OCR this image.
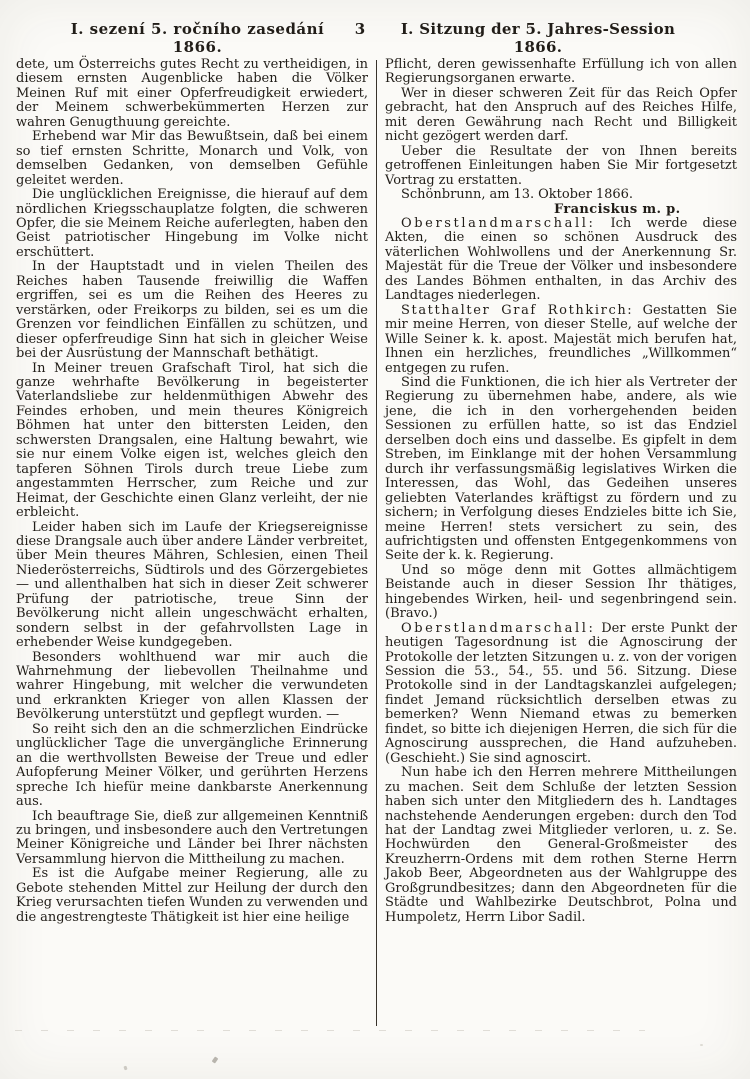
I. sezení 5. ročního zasedání 1866.
3	I. Sitzung der 5. Jahres-Session 1866.

dete, um Österreichs gutes Recht zu vertheidigen, in diesem ernsten Augenblicke haben die Völker Meinen Ruf mit einer Opferfreudigkeit erwiedert, der Meinem schwerbekümmerten Herzen zur wahren Genugthuung gereichte.

Erhebend war Mir das Bewußtsein, daß bei einem so tief ernsten Schritte, Monarch und Volk, von demselben Gedanken, von demselben Gefühle geleitet werden.

Die unglücklichen Ereignisse, die hierauf auf dem nördlichen Kriegsschauplatze folgten, die schweren Opfer, die sie Meinem Reiche auferlegten, haben den Geist patriotischer Hingebung im Volke nicht erschüttert.

In der Hauptstadt und in vielen Theilen des Reiches haben Tausende freiwillig die Waffen ergriffen, sei es um die Reihen des Heeres zu verstärken, oder Freikorps zu bilden, sei es um die Grenzen vor feindlichen Einfällen zu schützen, und dieser opferfreudige Sinn hat sich in gleicher Weise bei der Ausrüstung der Mannschaft bethätigt.

In Meiner treuen Grafschaft Tirol, hat sich die ganze wehrhafte Bevölkerung in begeisterter Vaterlandsliebe zur heldenmüthigen Abwehr des Feindes erhoben, und mein theures Königreich Böhmen hat unter den bittersten Leiden, den schwersten Drangsalen, eine Haltung bewahrt, wie sie nur einem Volke eigen ist, welches gleich den tapferen Söhnen Tirols durch treue Liebe zum angestammten Herrscher, zum Reiche und zur Heimat, der Geschichte einen Glanz verleiht, der nie erbleicht.

Leider haben sich im Laufe der Kriegsereignisse diese Drangsale auch über andere Länder verbreitet, über Mein theures Mähren, Schlesien, einen Theil Niederösterreichs, Südtirols und des Görzergebietes — und allenthalben hat sich in dieser Zeit schwerer Prüfung der patriotische, treue Sinn der Bevölkerung nicht allein ungeschwächt erhalten, sondern selbst in der gefahrvollsten Lage in erhebender Weise kundgegeben.

Besonders wohlthuend war mir auch die Wahrnehmung der liebevollen Theilnahme und wahrer Hingebung, mit welcher die verwundeten und erkrankten Krieger von allen Klassen der Bevölkerung unterstützt und gepflegt wurden. —

So reiht sich den an die schmerzlichen Eindrücke unglücklicher Tage die unvergängliche Erinnerung an die werthvollsten Beweise der Treue und edler Aufopferung Meiner Völker, und gerührten Herzens spreche Ich hiefür meine dankbarste Anerkennung aus.

Ich beauftrage Sie, dieß zur allgemeinen Kenntniß zu bringen, und insbesondere auch den Vertretungen Meiner Königreiche und Länder bei Ihrer nächsten Versammlung hiervon die Mittheilung zu machen.

Es ist die Aufgabe meiner Regierung, alle zu Gebote stehenden Mittel zur Heilung der durch den Krieg verursachten tiefen Wunden zu verwenden und die angestrengteste Thätigkeit ist hier eine heilige

Pflicht, deren gewissenhafte Erfüllung ich von allen Regierungsorganen erwarte.

Wer in dieser schweren Zeit für das Reich Opfer gebracht, hat den Anspruch auf des Reiches Hilfe, mit deren Gewährung nach Recht und Billigkeit nicht gezögert werden darf.

Ueber die Resultate der von Ihnen bereits getroffenen Einleitungen haben Sie Mir fortgesetzt Vortrag zu erstatten.

Schönbrunn, am 13. Oktober 1866.

Franciskus m. p.

Oberstlandmarschall: Ich werde diese Akten, die einen so schönen Ausdruck des väterlichen Wohlwollens und der Anerkennung Sr. Majestät für die Treue der Völker und insbesondere des Landes Böhmen enthalten, in das Archiv des Landtages niederlegen.

Statthalter Graf Rothkirch: Gestatten Sie mir meine Herren, von dieser Stelle, auf welche der Wille Seiner k. k. apost. Majestät mich berufen hat, Ihnen ein herzliches, freundliches „Willkommen“ entgegen zu rufen.

Sind die Funktionen, die ich hier als Vertreter der Regierung zu übernehmen habe, andere, als wie jene, die ich in den vorhergehenden beiden Sessionen zu erfüllen hatte, so ist das Endziel derselben doch eins und dasselbe. Es gipfelt in dem Streben, im Einklange mit der hohen Versammlung durch ihr verfassungsmäßig legislatives Wirken die Interessen, das Wohl, das Gedeihen unseres geliebten Vaterlandes kräftigst zu fördern und zu sichern; in Verfolgung dieses Endzieles bitte ich Sie, meine Herren! stets versichert zu sein, des aufrichtigsten und offensten Entgegenkommens von Seite der k. k. Regierung.

Und so möge denn mit Gottes allmächtigem Beistande auch in dieser Session Ihr thätiges, hingebendes Wirken, heil- und segenbringend sein. (Bravo.)

Oberstlandmarschall: Der erste Punkt der heutigen Tagesordnung ist die Agnoscirung der Protokolle der letzten Sitzungen u. z. von der vorigen Session die 53., 54., 55. und 56. Sitzung. Diese Protokolle sind in der Landtagskanzlei aufgelegen; findet Jemand rücksichtlich derselben etwas zu bemerken? Wenn Niemand etwas zu bemerken findet, so bitte ich diejenigen Herren, die sich für die Agnoscirung aussprechen, die Hand aufzuheben. (Geschieht.) Sie sind agnoscirt.

Nun habe ich den Herren mehrere Mittheilungen zu machen. Seit dem Schluße der letzten Session haben sich unter den Mitgliedern des h. Landtages nachstehende Aenderungen ergeben: durch den Tod hat der Landtag zwei Mitglieder verloren, u. z. Se. Hochwürden den General-Großmeister des Kreuzherrn-Ordens mit dem rothen Sterne Herrn Jakob Beer, Abgeordneten aus der Wahlgruppe des Großgrundbesitzes; dann den Abgeordneten für die Städte und Wahlbezirke Deutschbrot, Polna und Humpoletz, Herrn Libor Sadil.
